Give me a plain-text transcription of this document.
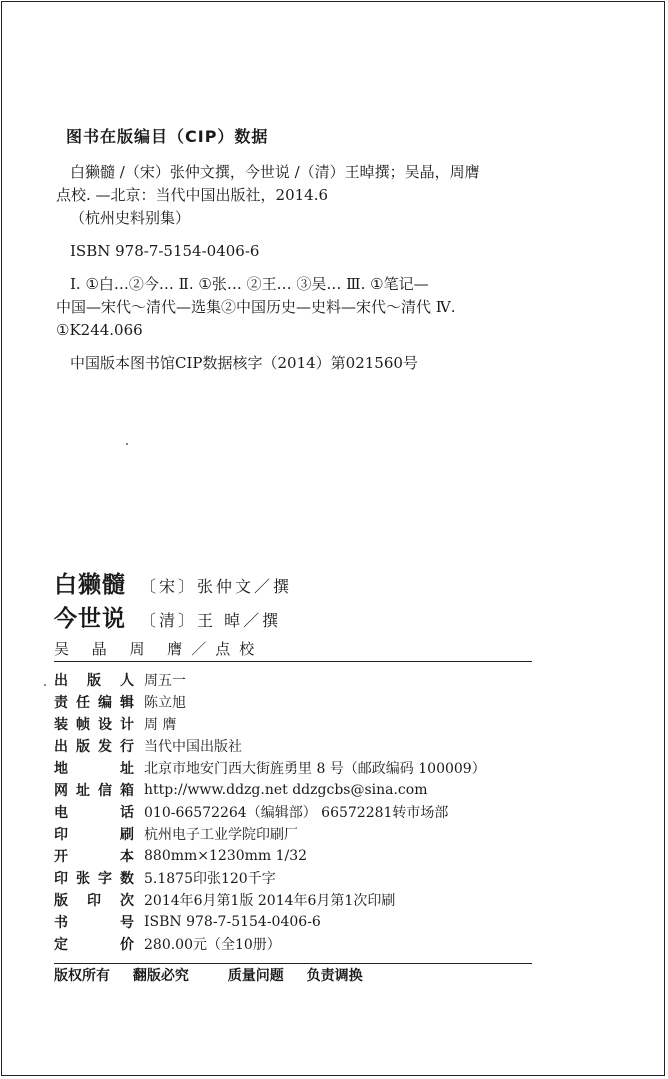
图书在版编目（CIP）数据

白獭髓 /（宋）张仲文撰，今世说 /（清）王晫撰；吴晶，周膺

点校. —北京：当代中国出版社，2014.6

（杭州史料别集）

ISBN 978-7-5154-0406-6

Ⅰ. ①白…②今… Ⅱ. ①张… ②王… ③吴… Ⅲ. ①笔记—

中国—宋代～清代—选集②中国历史—史料—宋代～清代 Ⅳ.

①K244.066

中国版本图书馆CIP数据核字（2014）第021560号

白獭髓 〔宋〕张仲文／撰
今世说 〔清〕王 晫／撰
吴 晶 周 膺／点校
出 版 人 周五一
责 任 编 辑 陈立旭
装 帧 设 计 周 膺
出 版 发 行 当代中国出版社
地	址 北京市地安门西大街旌勇里 8 号（邮政编码 100009）
网 址 信 箱 http://www.ddzg.net ddzgcbs@sina.com
电	话 010-66572264（编辑部） 66572281转市场部
印	刷 杭州电子工业学院印刷厂
开	本 880mm×1230mm 1/32
印 张 字 数 5.1875印张120千字
版 印 次 2014年6月第1版 2014年6月第1次印刷
书	号 ISBN 978-7-5154-0406-6
定	价 280.00元（全10册）
版权所有 翻版必究	质量问题 负责调换
